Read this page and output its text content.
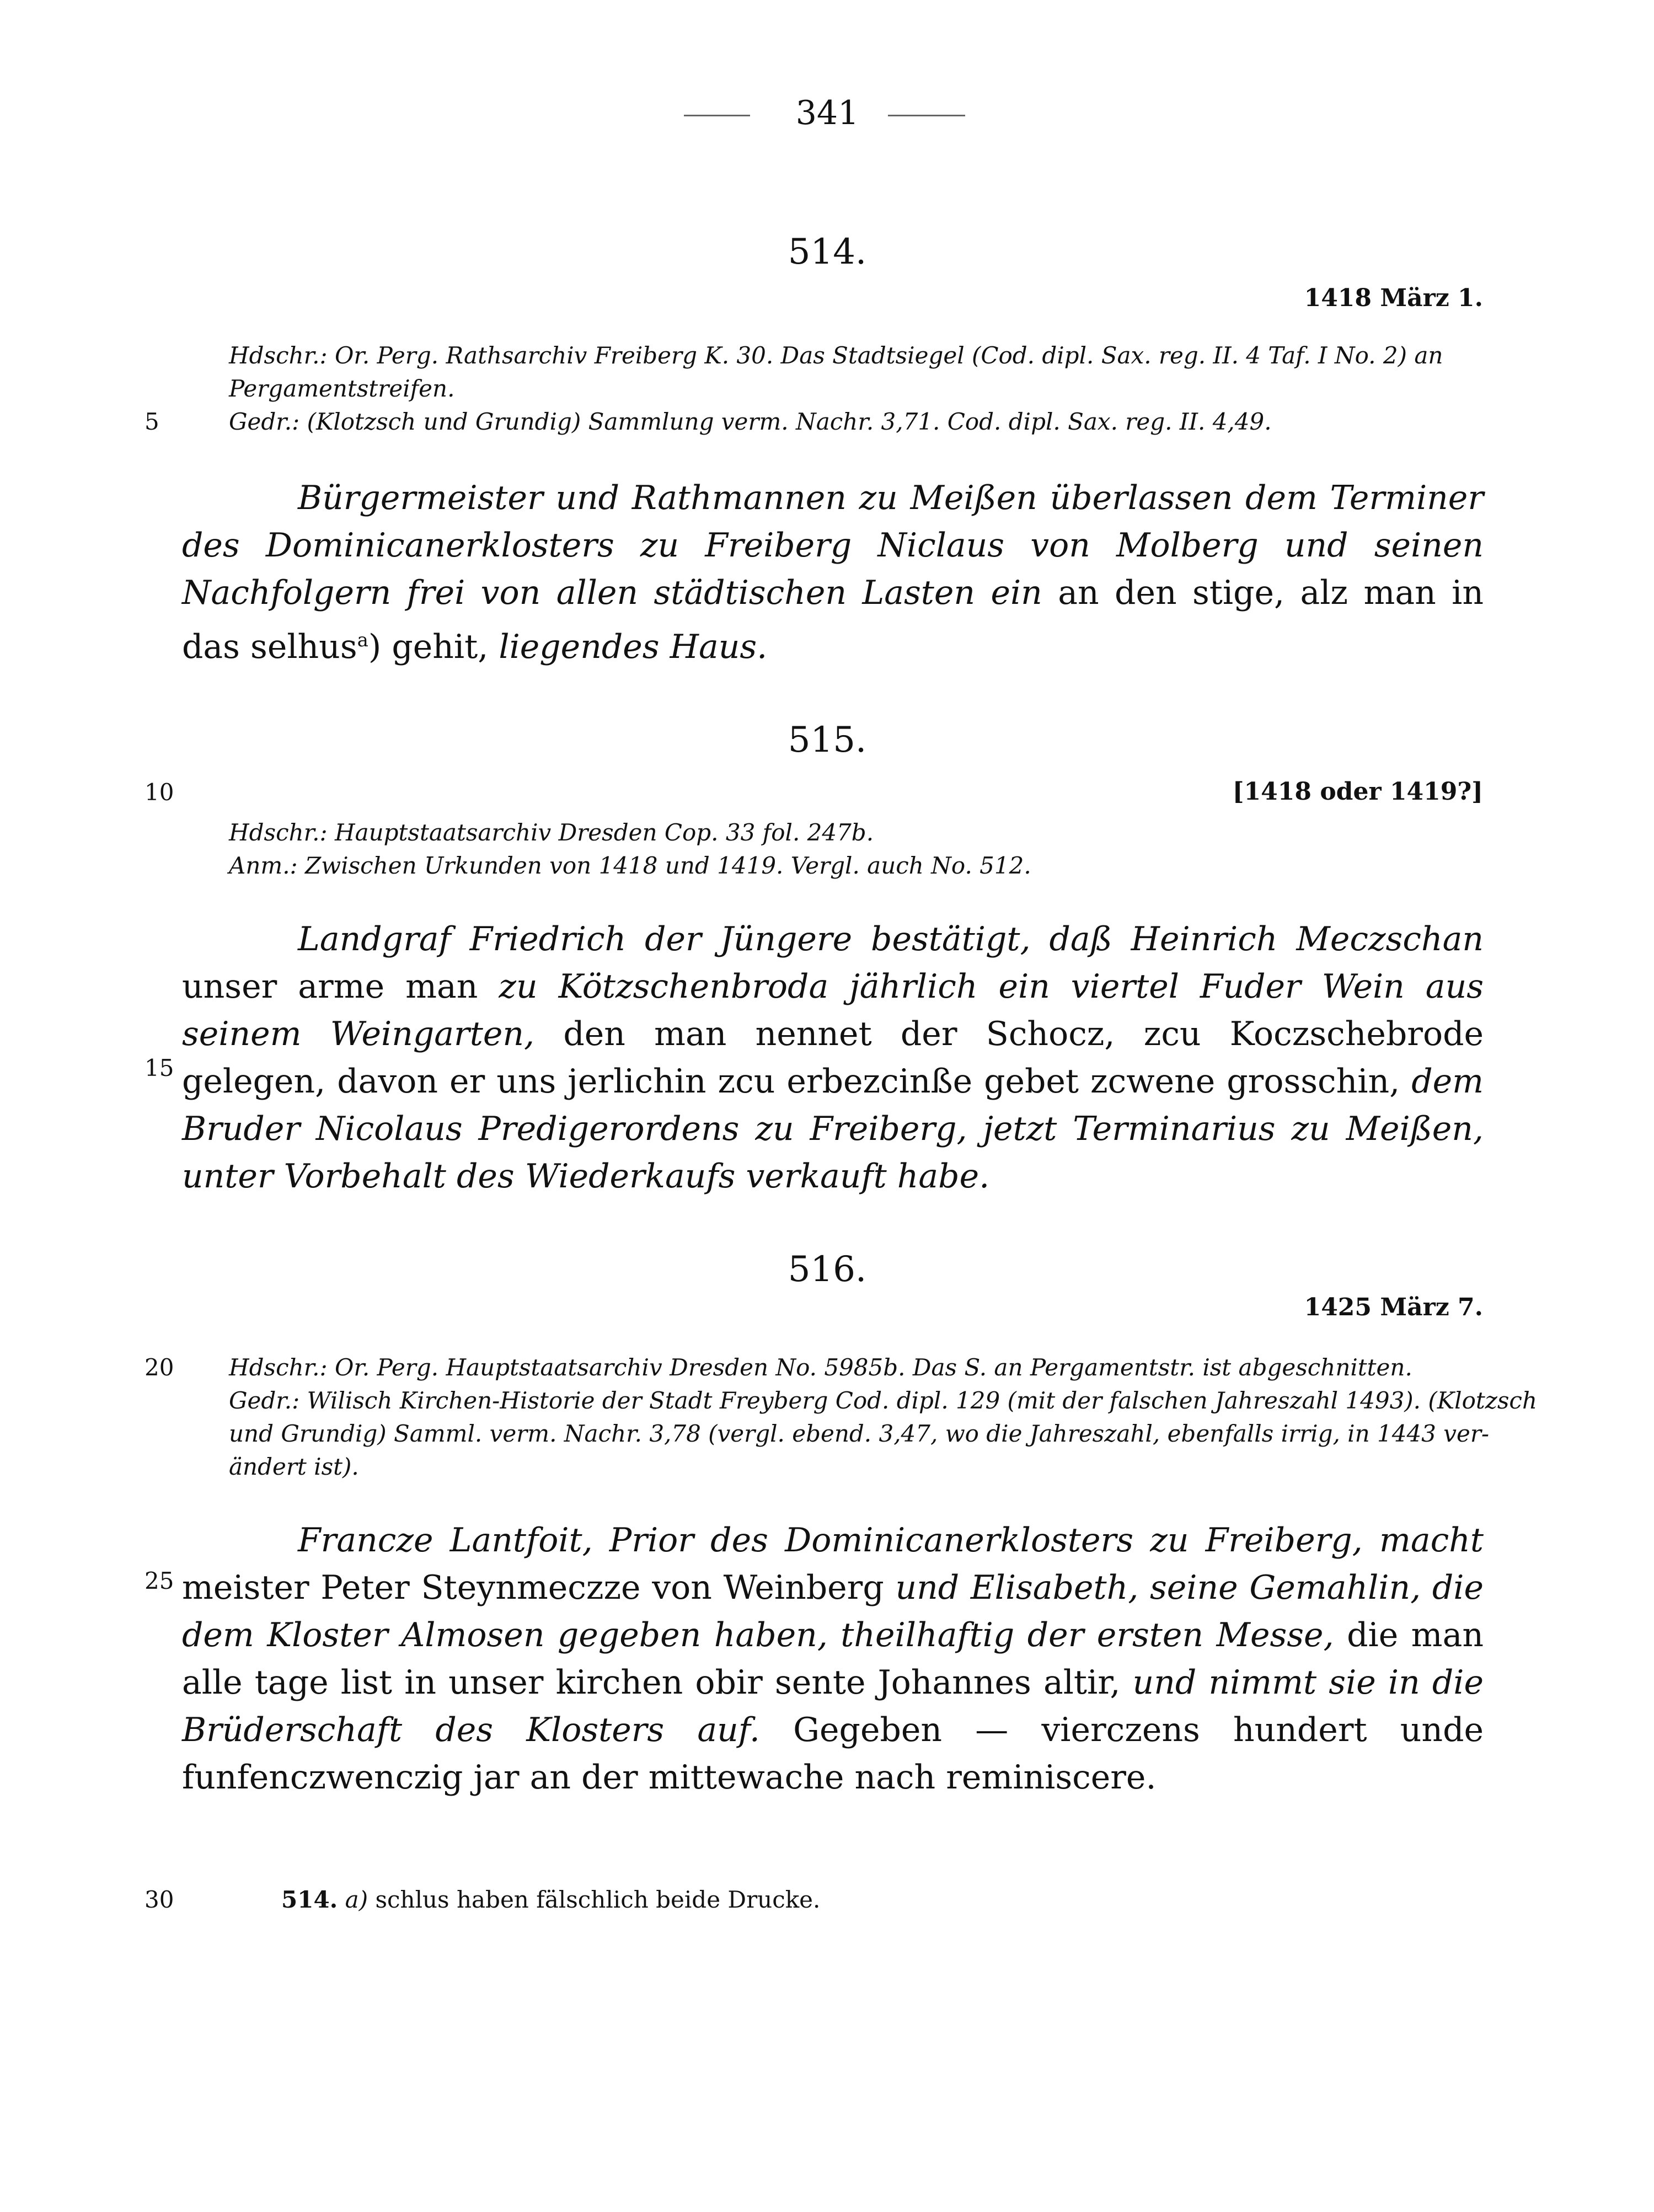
341
514.
1418 März 1.
Hdschr.: Or. Perg. Rathsarchiv Freiberg K. 30. Das Stadtsiegel (Cod. dipl. Sax. reg. II. 4 Taf. I No. 2) an
Pergamentstreifen.
5	Gedr.: (Klotzsch und Grundig) Sammlung verm. Nachr. 3,71. Cod. dipl. Sax. reg. II. 4,49.
Bürgermeister und Rathmannen zu Meißen überlassen dem Terminer des Dominicanerklosters zu Freiberg Niclaus von Molberg und seinen Nachfolgern frei von allen städtischen Lasten ein an den stige, alz man in das selhus$^a$) gehit, liegendes Haus.
515.
10	[1418 oder 1419?]
Hdschr.: Hauptstaatsarchiv Dresden Cop. 33 fol. 247b.
Anm.: Zwischen Urkunden von 1418 und 1419. Vergl. auch No. 512.
15
Landgraf Friedrich der Jüngere bestätigt, daß Heinrich Meczschan unser arme man zu Kötzschenbroda jährlich ein viertel Fuder Wein aus seinem Weingarten, den man nennet der Schocz, zcu Koczschebrode gelegen, davon er uns jerlichin zcu erbezcinße gebet zcwene grosschin, dem Bruder Nicolaus Predigerordens zu Freiberg, jetzt Terminarius zu Meißen, unter Vorbehalt des Wiederkaufs verkauft habe.
516.
1425 März 7.
20	Hdschr.: Or. Perg. Hauptstaatsarchiv Dresden No. 5985b. Das S. an Pergamentstr. ist abgeschnitten.
Gedr.: Wilisch Kirchen-Historie der Stadt Freyberg Cod. dipl. 129 (mit der falschen Jahreszahl 1493). (Klotzsch
und Grundig) Samml. verm. Nachr. 3,78 (vergl. ebend. 3,47, wo die Jahreszahl, ebenfalls irrig, in 1443 ver-
ändert ist).
25
Francze Lantfoit, Prior des Dominicanerklosters zu Freiberg, macht meister Peter Steynmeczze von Weinberg und Elisabeth, seine Gemahlin, die dem Kloster Almosen gegeben haben, theilhaftig der ersten Messe, die man alle tage list in unser kirchen obir sente Johannes altir, und nimmt sie in die Brüderschaft des Klosters auf. Gegeben — vierczens hundert unde funfenczwenczig jar an der mittewache nach reminiscere.
30	514. a) schlus haben fälschlich beide Drucke.
